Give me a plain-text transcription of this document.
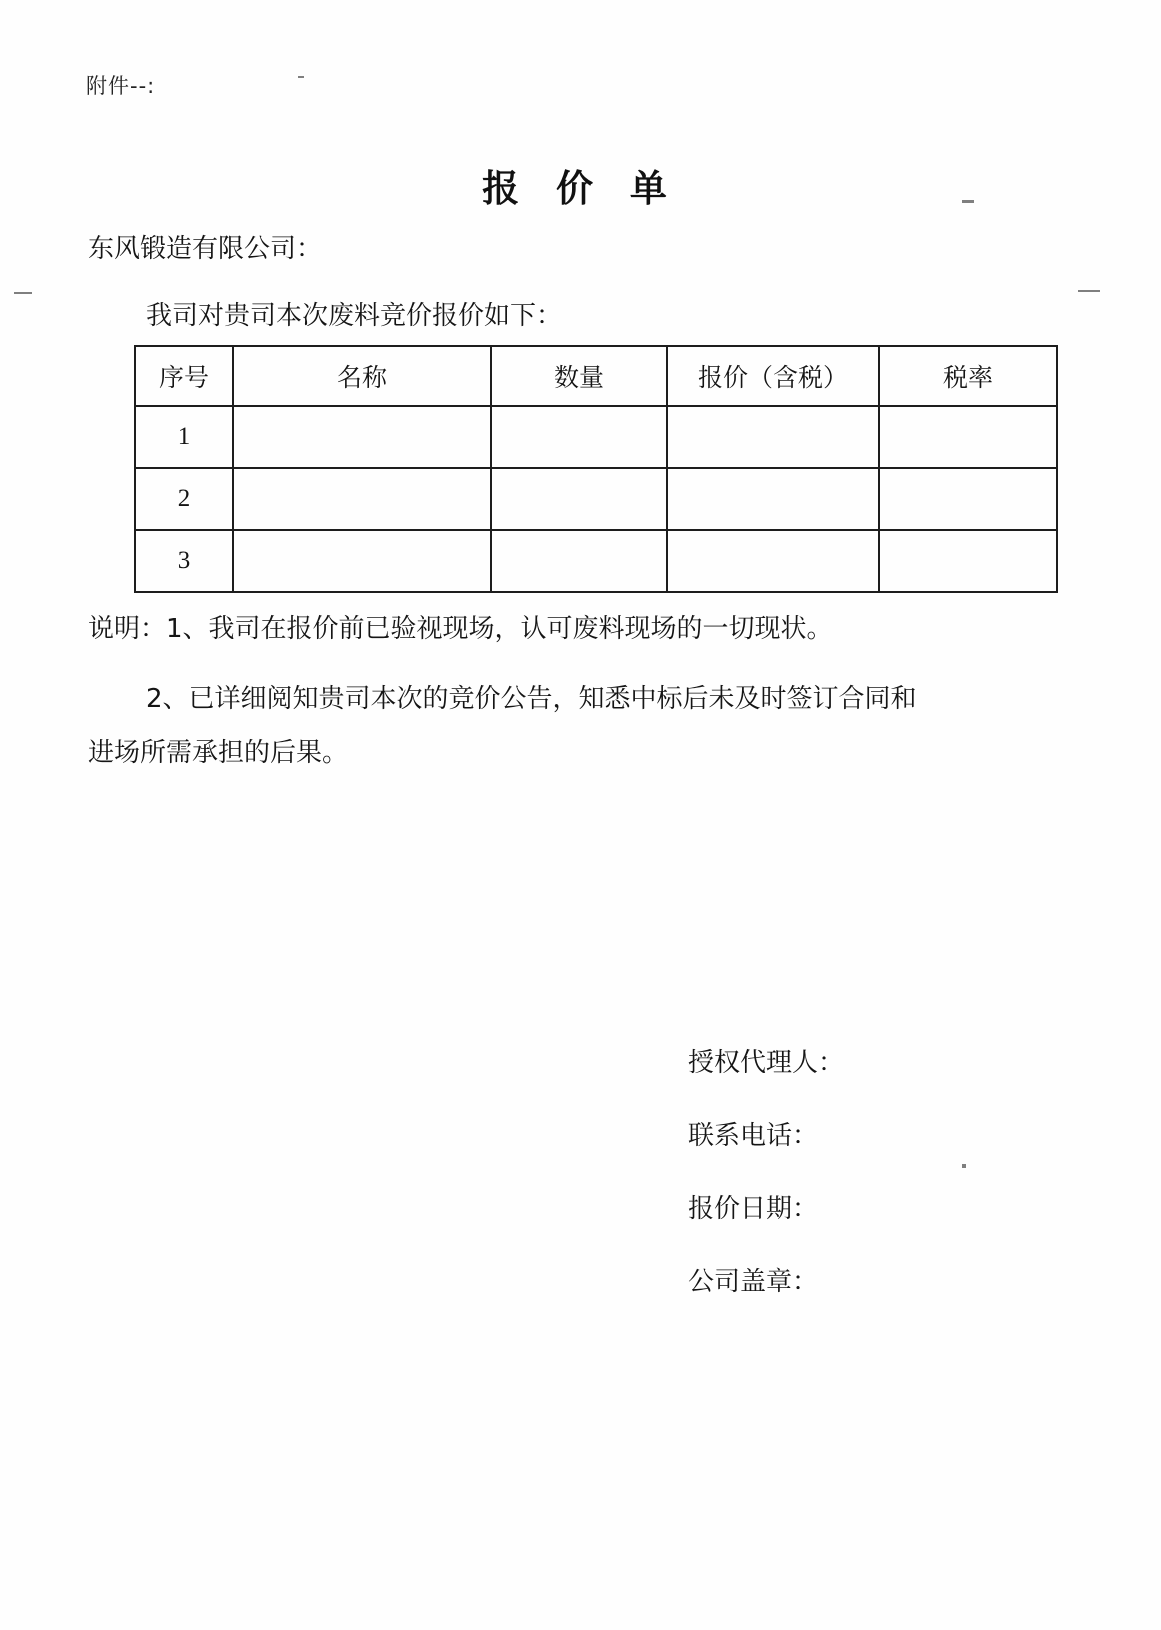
附件--:
报 价 单
东风锻造有限公司：
我司对贵司本次废料竞价报价如下：
序号	名称	数量	报价（含税）	税率
1				
2				
3				
说明：1、我司在报价前已验视现场，认可废料现场的一切现状。
2、已详细阅知贵司本次的竞价公告，知悉中标后未及时签订合同和
进场所需承担的后果。
授权代理人：
联系电话：
报价日期：
公司盖章：
